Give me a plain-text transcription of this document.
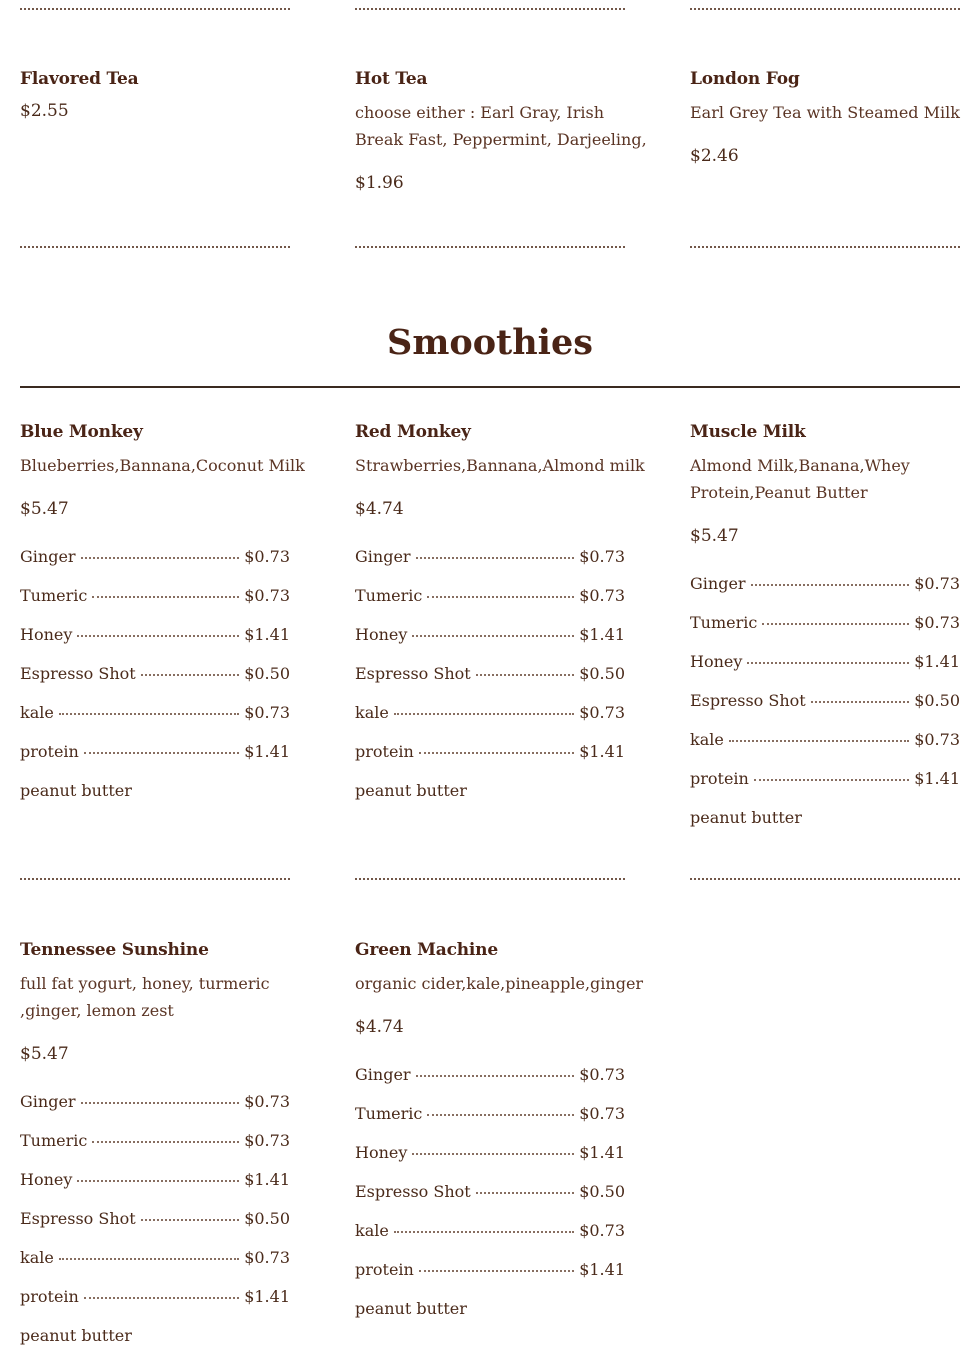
Flavored Tea
$2.55
Hot Tea
choose either : Earl Gray, Irish
Break Fast, Peppermint, Darjeeling,
$1.96
London Fog
Earl Grey Tea with Steamed Milk
$2.46
Smoothies
Blue Monkey
Blueberries,Bannana,Coconut Milk
$5.47
Ginger	$0.73
Tumeric	$0.73
Honey	$1.41
Espresso Shot	$0.50
kale	$0.73
protein	$1.41
peanut butter
Red Monkey
Strawberries,Bannana,Almond milk
$4.74
Ginger	$0.73
Tumeric	$0.73
Honey	$1.41
Espresso Shot	$0.50
kale	$0.73
protein	$1.41
peanut butter
Muscle Milk
Almond Milk,Banana,Whey
Protein,Peanut Butter
$5.47
Ginger	$0.73
Tumeric	$0.73
Honey	$1.41
Espresso Shot	$0.50
kale	$0.73
protein	$1.41
peanut butter
Tennessee Sunshine
full fat yogurt, honey, turmeric
,ginger, lemon zest
$5.47
Ginger	$0.73
Tumeric	$0.73
Honey	$1.41
Espresso Shot	$0.50
kale	$0.73
protein	$1.41
peanut butter
Green Machine
organic cider,kale,pineapple,ginger
$4.74
Ginger	$0.73
Tumeric	$0.73
Honey	$1.41
Espresso Shot	$0.50
kale	$0.73
protein	$1.41
peanut butter
